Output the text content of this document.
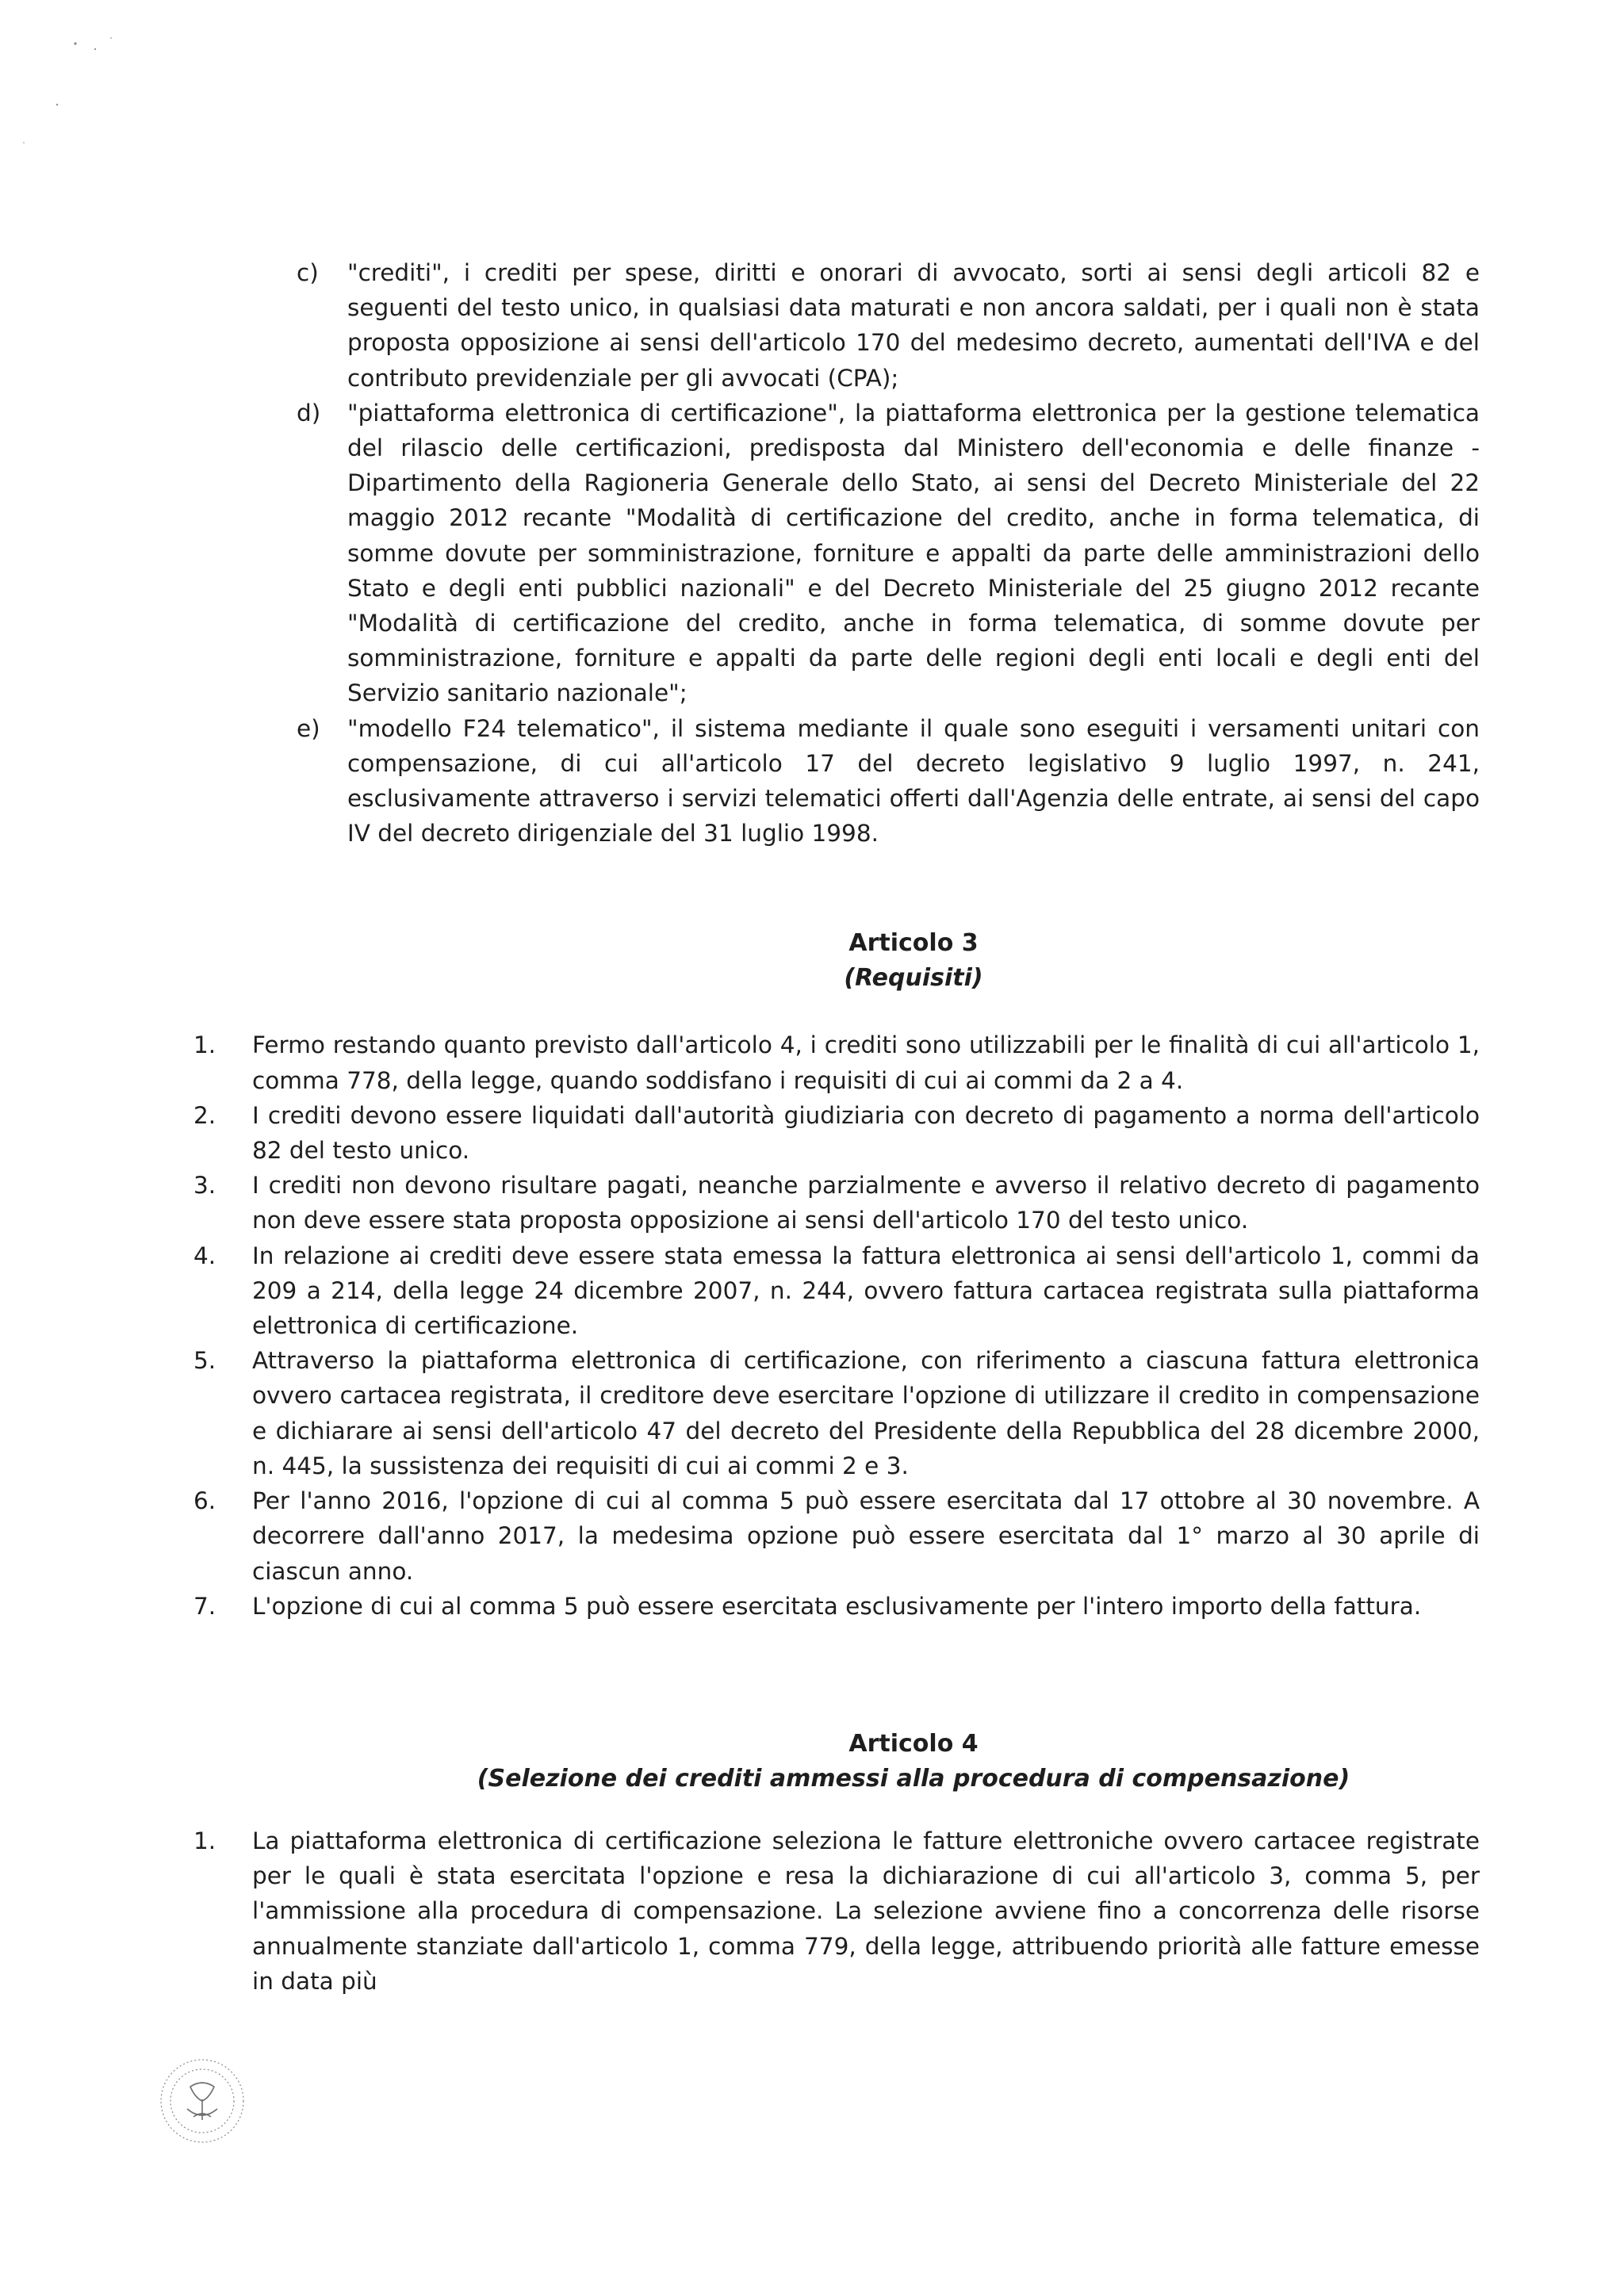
c) "crediti", i crediti per spese, diritti e onorari di avvocato, sorti ai sensi degli articoli 82 e seguenti del testo unico, in qualsiasi data maturati e non ancora saldati, per i quali non è stata proposta opposizione ai sensi dell'articolo 170 del medesimo decreto, aumentati dell'IVA e del contributo previdenziale per gli avvocati (CPA);
d) "piattaforma elettronica di certificazione", la piattaforma elettronica per la gestione telematica del rilascio delle certificazioni, predisposta dal Ministero dell'economia e delle finanze - Dipartimento della Ragioneria Generale dello Stato, ai sensi del Decreto Ministeriale del 22 maggio 2012 recante "Modalità di certificazione del credito, anche in forma telematica, di somme dovute per somministrazione, forniture e appalti da parte delle amministrazioni dello Stato e degli enti pubblici nazionali" e del Decreto Ministeriale del 25 giugno 2012 recante "Modalità di certificazione del credito, anche in forma telematica, di somme dovute per somministrazione, forniture e appalti da parte delle regioni degli enti locali e degli enti del Servizio sanitario nazionale";
e) "modello F24 telematico", il sistema mediante il quale sono eseguiti i versamenti unitari con compensazione, di cui all'articolo 17 del decreto legislativo 9 luglio 1997, n. 241, esclusivamente attraverso i servizi telematici offerti dall'Agenzia delle entrate, ai sensi del capo IV del decreto dirigenziale del 31 luglio 1998.
Articolo 3
(Requisiti)
1. Fermo restando quanto previsto dall'articolo 4, i crediti sono utilizzabili per le finalità di cui all'articolo 1, comma 778, della legge, quando soddisfano i requisiti di cui ai commi da 2 a 4.
2. I crediti devono essere liquidati dall'autorità giudiziaria con decreto di pagamento a norma dell'articolo 82 del testo unico.
3. I crediti non devono risultare pagati, neanche parzialmente e avverso il relativo decreto di pagamento non deve essere stata proposta opposizione ai sensi dell'articolo 170 del testo unico.
4. In relazione ai crediti deve essere stata emessa la fattura elettronica ai sensi dell'articolo 1, commi da 209 a 214, della legge 24 dicembre 2007, n. 244, ovvero fattura cartacea registrata sulla piattaforma elettronica di certificazione.
5. Attraverso la piattaforma elettronica di certificazione, con riferimento a ciascuna fattura elettronica ovvero cartacea registrata, il creditore deve esercitare l'opzione di utilizzare il credito in compensazione e dichiarare ai sensi dell'articolo 47 del decreto del Presidente della Repubblica del 28 dicembre 2000, n. 445, la sussistenza dei requisiti di cui ai commi 2 e 3.
6. Per l'anno 2016, l'opzione di cui al comma 5 può essere esercitata dal 17 ottobre al 30 novembre. A decorrere dall'anno 2017, la medesima opzione può essere esercitata dal 1° marzo al 30 aprile di ciascun anno.
7. L'opzione di cui al comma 5 può essere esercitata esclusivamente per l'intero importo della fattura.
Articolo 4
(Selezione dei crediti ammessi alla procedura di compensazione)
1. La piattaforma elettronica di certificazione seleziona le fatture elettroniche ovvero cartacee registrate per le quali è stata esercitata l'opzione e resa la dichiarazione di cui all'articolo 3, comma 5, per l'ammissione alla procedura di compensazione. La selezione avviene fino a concorrenza delle risorse annualmente stanziate dall'articolo 1, comma 779, della legge, attribuendo priorità alle fatture emesse in data più
